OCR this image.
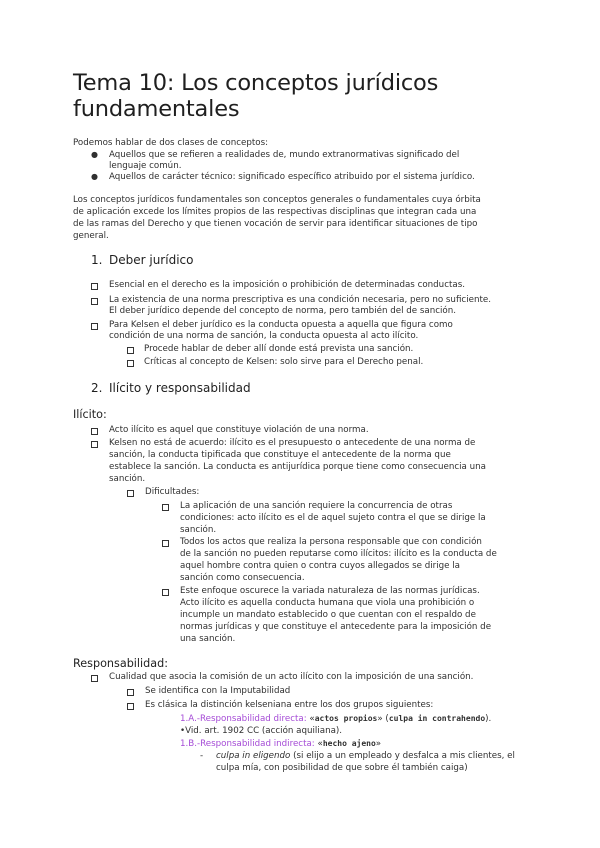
Tema 10: Los conceptos jurídicos fundamentales
Podemos hablar de dos clases de conceptos:
● Aquellos que se refieren a realidades de, mundo extranormativas significado del
lenguaje común.
● Aquellos de carácter técnico: significado específico atribuido por el sistema jurídico.
Los conceptos jurídicos fundamentales son conceptos generales o fundamentales cuya órbita
de aplicación excede los límites propios de las respectivas disciplinas que integran cada una
de las ramas del Derecho y que tienen vocación de servir para identificar situaciones de tipo
general.
1. Deber jurídico
Esencial en el derecho es la imposición o prohibición de determinadas conductas.
La existencia de una norma prescriptiva es una condición necesaria, pero no suficiente.
El deber jurídico depende del concepto de norma, pero también del de sanción.
Para Kelsen el deber jurídico es la conducta opuesta a aquella que figura como
condición de una norma de sanción, la conducta opuesta al acto ilícito.
Procede hablar de deber allí donde está prevista una sanción.
Críticas al concepto de Kelsen: solo sirve para el Derecho penal.
2. Ilícito y responsabilidad
Ilícito:
Acto ilícito es aquel que constituye violación de una norma.
Kelsen no está de acuerdo: ilícito es el presupuesto o antecedente de una norma de
sanción, la conducta tipificada que constituye el antecedente de la norma que
establece la sanción. La conducta es antijurídica porque tiene como consecuencia una
sanción.
Dificultades:
La aplicación de una sanción requiere la concurrencia de otras
condiciones: acto ilícito es el de aquel sujeto contra el que se dirige la
sanción.
Todos los actos que realiza la persona responsable que con condición
de la sanción no pueden reputarse como ilícitos: ilícito es la conducta de
aquel hombre contra quien o contra cuyos allegados se dirige la
sanción como consecuencia.
Este enfoque oscurece la variada naturaleza de las normas jurídicas.
Acto ilícito es aquella conducta humana que viola una prohibición o
incumple un mandato establecido o que cuentan con el respaldo de
normas jurídicas y que constituye el antecedente para la imposición de
una sanción.
Responsabilidad:
Cualidad que asocia la comisión de un acto ilícito con la imposición de una sanción.
Se identifica con la Imputabilidad
Es clásica la distinción kelseniana entre los dos grupos siguientes:
1.A.-Responsabilidad directa: «actos propios» (culpa in contrahendo).
•Vid. art. 1902 CC (acción aquiliana).
1.B.-Responsabilidad indirecta: «hecho ajeno»
- culpa in eligendo (si elijo a un empleado y desfalca a mis clientes, el
culpa mía, con posibilidad de que sobre él también caiga)
